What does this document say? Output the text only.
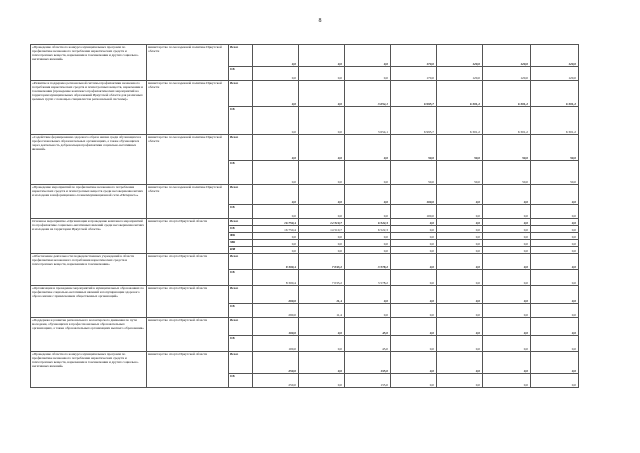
8
«Проведение областного конкурса муниципальных программ по профилактике незаконного потребления наркотических средств и психотропных веществ, наркомании и токсикомании и других социально-негативных явлений»	министерство по молодежной политике Иркутской области	Всего	0,0	0,0	0,0	170,0	120,0	120,0	120,0
		ОБ	0,0	0,0	0,0	170,0	120,0	120,0	120,0
«Развитие и поддержка региональной системы профилактики незаконного потребления наркотических средств и психотропных веществ, наркомании и токсикомании (проведение комплекса профилактических мероприятий на территории муниципальных образований Иркутской области для различных целевых групп с помощью специалистов региональной системы)»	министерство по молодежной политике Иркутской области	Всего	0,0	0,0	3 654,1	6 995,7	6 301,2	6 301,2	6 301,2
		ОБ	0,0	0,0	3 654,1	6 995,7	6 301,2	6 301,2	6 301,2
«Содействие формированию здорового образа жизни среди обучающихся в профессиональных образовательных организациях, а также обучающихся через деятельность добровольцев профилактики социально-негативных явлений»	министерство по молодежной политике Иркутской области	Всего	0,0	0,0	0,0	50,0	50,0	50,0	50,0
		ОБ	0,0	0,0	0,0	50,0	50,0	50,0	50,0
«Проведение мероприятий по профилактике незаконного потребления наркотических средств и психотропных веществ среди несовершеннолетних и молодежи в информационно-телекоммуникационной сети «Интернет»»	министерство по молодежной политике Иркутской области	Всего	0,0	0,0	0,0	100,0	0,0	0,0	0,0
		ОБ	0,0	0,0	0,0	100,0	0,0	0,0	0,0
Основное мероприятие «Организация и проведение комплекса мероприятий по профилактике социально-негативных явлений среди несовершеннолетних и молодежи на территории Иркутской области»	министерство спорта Иркутской области	Всего	16 750,4	14 510,7	6 522,3	0,0	0,0	0,0	0,0
		ОБ	16 750,4	14 510,7	6 522,3	0,0	0,0	0,0	0,0
		ФБ	0,0	0,0	0,0	0,0	0,0	0,0	0,0
		МБ	0,0	0,0	0,0	0,0	0,0	0,0	0,0
		ИИ	0,0	0,0	0,0	0,0	0,0	0,0	0,0
«Обеспечение деятельности подведомственных учреждений в области профилактики незаконного потребления наркотических средств и психотропных веществ, наркомании и токсикомании»	министерство спорта Иркутской области	Всего	8 300,4	7 033,2	3 578,2	0,0	0,0	0,0	0,0
		ОБ	8 300,4	7 033,2	3 578,2	0,0	0,0	0,0	0,0
«Организация и проведение мероприятий в муниципальных образованиях по профилактике социально-негативных явлений и популяризации здорового образа жизни с привлечением общественных организаций»	министерство спорта Иркутской области	Всего	290,0	11,4	0,0	0,0	0,0	0,0	0,0
		ОБ	290,0	11,4	0,0	0,0	0,0	0,0	0,0
«Поддержка и развитие регионального волонтерского движения по пути молодежи, обучающихся в профессиональных образовательных организациях, а также образовательных организациях высшего образования»	министерство спорта Иркутской области	Всего	100,0	0,0	45,0	0,0	0,0	0,0	0,0
		ОБ	100,0	0,0	45,0	0,0	0,0	0,0	0,0
«Проведение областного конкурса муниципальных программ по профилактике незаконного потребления наркотических средств и психотропных веществ, наркомании и токсикомании и других социально-негативных явлений»	министерство спорта Иркутской области	Всего	250,0	0,0	135,0	0,0	0,0	0,0	0,0
		ОБ	250,0	0,0	135,0	0,0	0,0	0,0	0,0
